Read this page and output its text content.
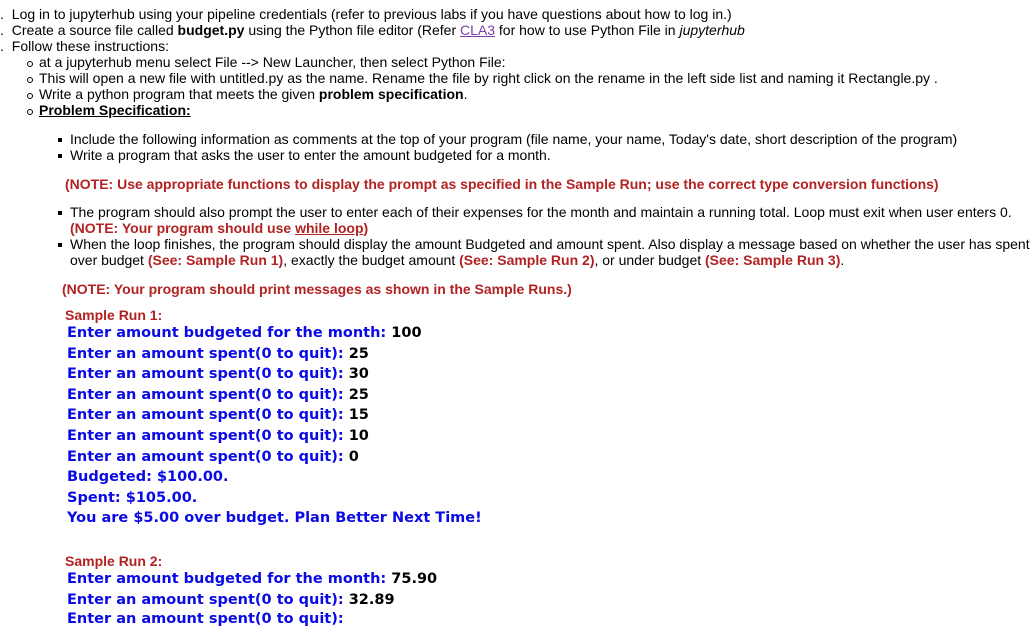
. Log in to jupyterhub using your pipeline credentials (refer to previous labs if you have questions about how to log in.)
. Create a source file called budget.py using the Python file editor (Refer CLA3 for how to use Python File in jupyterhub
. Follow these instructions:
at a jupyterhub menu select File --> New Launcher, then select Python File:
This will open a new file with untitled.py as the name. Rename the file by right click on the rename in the left side list and naming it Rectangle.py .
Write a python program that meets the given problem specification.
Problem Specification:
Include the following information as comments at the top of your program (file name, your name, Today's date, short description of the program)
Write a program that asks the user to enter the amount budgeted for a month.
(NOTE: Use appropriate functions to display the prompt as specified in the Sample Run; use the correct type conversion functions)
The program should also prompt the user to enter each of their expenses for the month and maintain a running total. Loop must exit when user enters 0.
(NOTE: Your program should use while loop)
When the loop finishes, the program should display the amount Budgeted and amount spent. Also display a message based on whether the user has spent
over budget (See: Sample Run 1), exactly the budget amount (See: Sample Run 2), or under budget (See: Sample Run 3).
(NOTE: Your program should print messages as shown in the Sample Runs.)
Sample Run 1:
Enter amount budgeted for the month: 100
Enter an amount spent(0 to quit): 25
Enter an amount spent(0 to quit): 30
Enter an amount spent(0 to quit): 25
Enter an amount spent(0 to quit): 15
Enter an amount spent(0 to quit): 10
Enter an amount spent(0 to quit): 0
Budgeted: $100.00.
Spent: $105.00.
You are $5.00 over budget. Plan Better Next Time!
Sample Run 2:
Enter amount budgeted for the month: 75.90
Enter an amount spent(0 to quit): 32.89
Enter an amount spent(0 to quit):
